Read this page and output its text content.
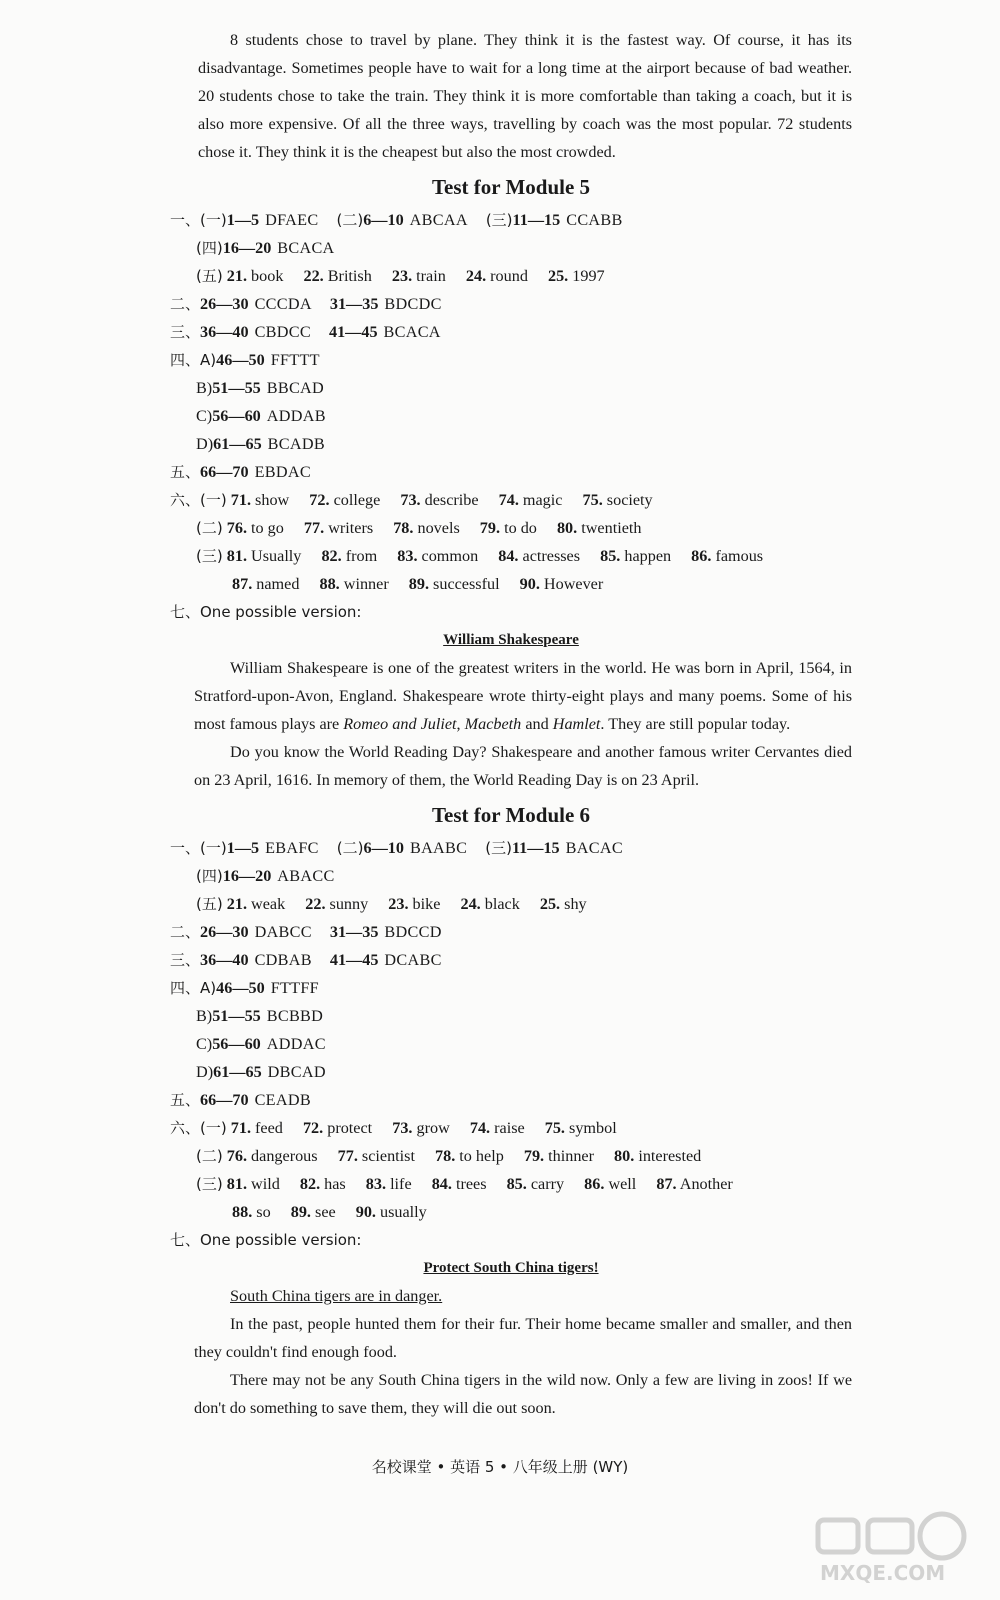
8 students chose to travel by plane. They think it is the fastest way. Of course, it has its disadvantage. Sometimes people have to wait for a long time at the airport because of bad weather. 20 students chose to take the train. They think it is more comfortable than taking a coach, but it is also more expensive. Of all the three ways, travelling by coach was the most popular. 72 students chose it. They think it is the cheapest but also the most crowded.

Test for Module 5
一、(一)1—5 DFAEC (二)6—10 ABCAA (三)11—15 CCABB
(四)16—20 BCACA
(五) 21. book 22. British 23. train 24. round 25. 1997
二、26—30 CCCDA 31—35 BDCDC
三、36—40 CBDCC 41—45 BCACA
四、A)46—50 FFTTT
B)51—55 BBCAD
C)56—60 ADDAB
D)61—65 BCADB
五、66—70 EBDAC
六、(一) 71. show 72. college 73. describe 74. magic 75. society
(二) 76. to go 77. writers 78. novels 79. to do 80. twentieth
(三) 81. Usually 82. from 83. common 84. actresses 85. happen 86. famous
87. named 88. winner 89. successful 90. However
七、One possible version:
William Shakespeare

William Shakespeare is one of the greatest writers in the world. He was born in April, 1564, in Stratford-upon-Avon, England. Shakespeare wrote thirty-eight plays and many poems. Some of his most famous plays are Romeo and Juliet, Macbeth and Hamlet. They are still popular today.

Do you know the World Reading Day? Shakespeare and another famous writer Cervantes died on 23 April, 1616. In memory of them, the World Reading Day is on 23 April.

Test for Module 6
一、(一)1—5 EBAFC (二)6—10 BAABC (三)11—15 BACAC
(四)16—20 ABACC
(五) 21. weak 22. sunny 23. bike 24. black 25. shy
二、26—30 DABCC 31—35 BDCCD
三、36—40 CDBAB 41—45 DCABC
四、A)46—50 FTTFF
B)51—55 BCBBD
C)56—60 ADDAC
D)61—65 DBCAD
五、66—70 CEADB
六、(一) 71. feed 72. protect 73. grow 74. raise 75. symbol
(二) 76. dangerous 77. scientist 78. to help 79. thinner 80. interested
(三) 81. wild 82. has 83. life 84. trees 85. carry 86. well 87. Another
88. so 89. see 90. usually
七、One possible version:
Protect South China tigers!

South China tigers are in danger.

In the past, people hunted them for their fur. Their home became smaller and smaller, and then they couldn't find enough food.

There may not be any South China tigers in the wild now. Only a few are living in zoos! If we don't do something to save them, they will die out soon.

名校课堂 • 英语 5 • 八年级上册 (WY)
MXQE.COM
